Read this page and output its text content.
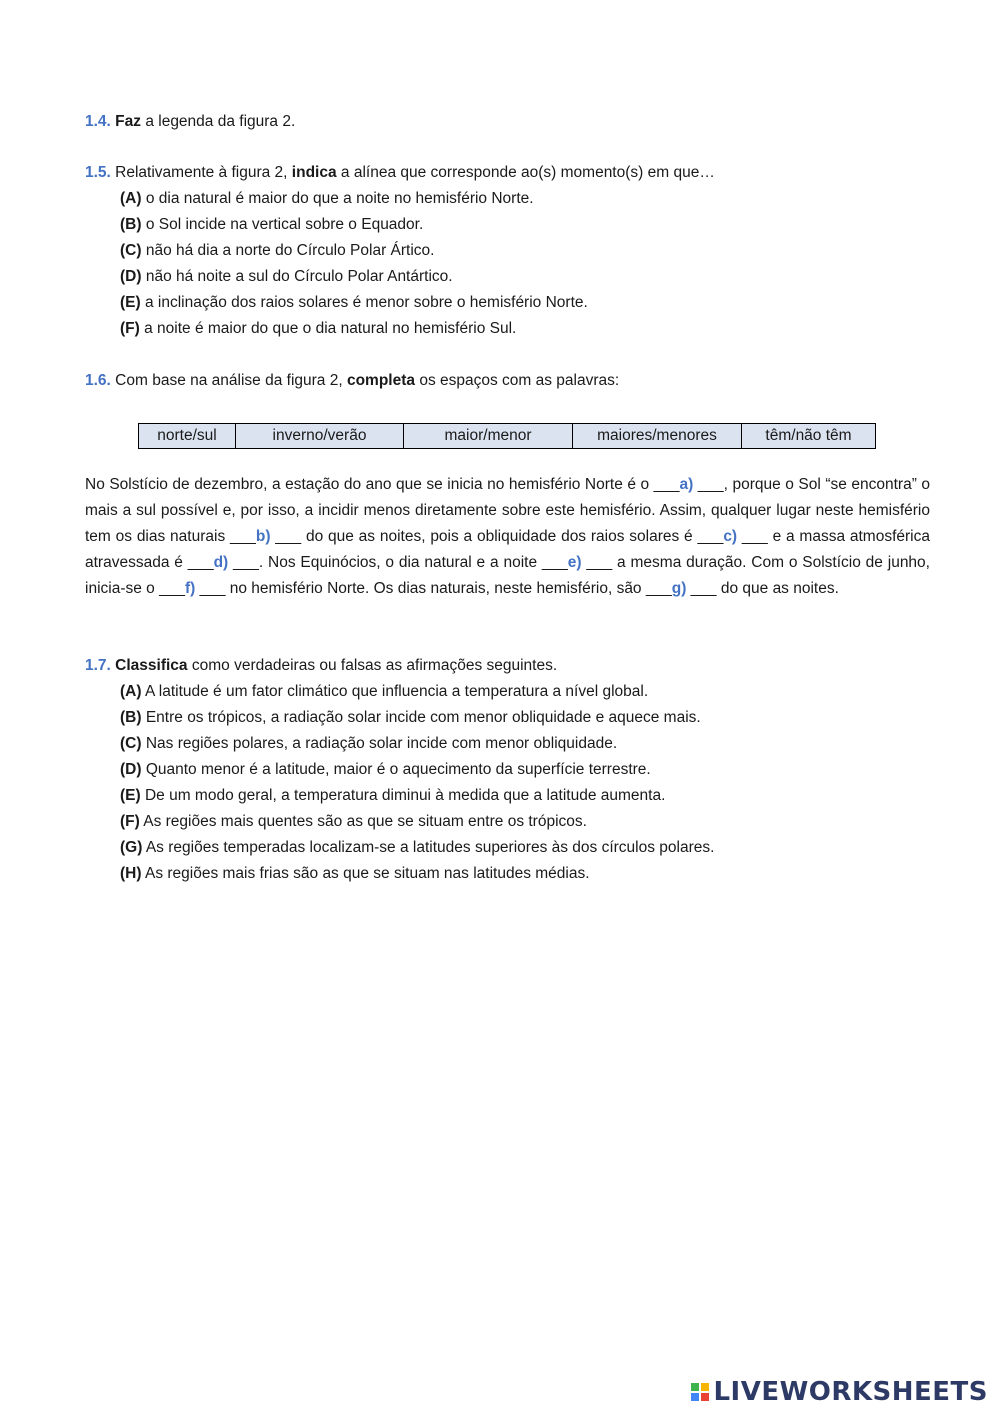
1.4. Faz a legenda da figura 2.
1.5. Relativamente à figura 2, indica a alínea que corresponde ao(s) momento(s) em que…
(A) o dia natural é maior do que a noite no hemisfério Norte.
(B) o Sol incide na vertical sobre o Equador.
(C) não há dia a norte do Círculo Polar Ártico.
(D) não há noite a sul do Círculo Polar Antártico.
(E) a inclinação dos raios solares é menor sobre o hemisfério Norte.
(F) a noite é maior do que o dia natural no hemisfério Sul.
1.6. Com base na análise da figura 2, completa os espaços com as palavras:
norte/sul	inverno/verão	maior/menor	maiores/menores	têm/não têm

No Solstício de dezembro, a estação do ano que se inicia no hemisfério Norte é o ___a) ___, porque o Sol “se encontra” o mais a sul possível e, por isso, a incidir menos diretamente sobre este hemisfério. Assim, qualquer lugar neste hemisfério tem os dias naturais ___b) ___ do que as noites, pois a obliquidade dos raios solares é ___c) ___ e a massa atmosférica atravessada é ___d) ___. Nos Equinócios, o dia natural e a noite ___e) ___ a mesma duração. Com o Solstício de junho, inicia-se o ___f) ___ no hemisfério Norte. Os dias naturais, neste hemisfério, são ___g) ___ do que as noites.

1.7. Classifica como verdadeiras ou falsas as afirmações seguintes.
(A) A latitude é um fator climático que influencia a temperatura a nível global.
(B) Entre os trópicos, a radiação solar incide com menor obliquidade e aquece mais.
(C) Nas regiões polares, a radiação solar incide com menor obliquidade.
(D) Quanto menor é a latitude, maior é o aquecimento da superfície terrestre.
(E) De um modo geral, a temperatura diminui à medida que a latitude aumenta.
(F) As regiões mais quentes são as que se situam entre os trópicos.
(G) As regiões temperadas localizam-se a latitudes superiores às dos círculos polares.
(H) As regiões mais frias são as que se situam nas latitudes médias.
LIVEWORKSHEETS
